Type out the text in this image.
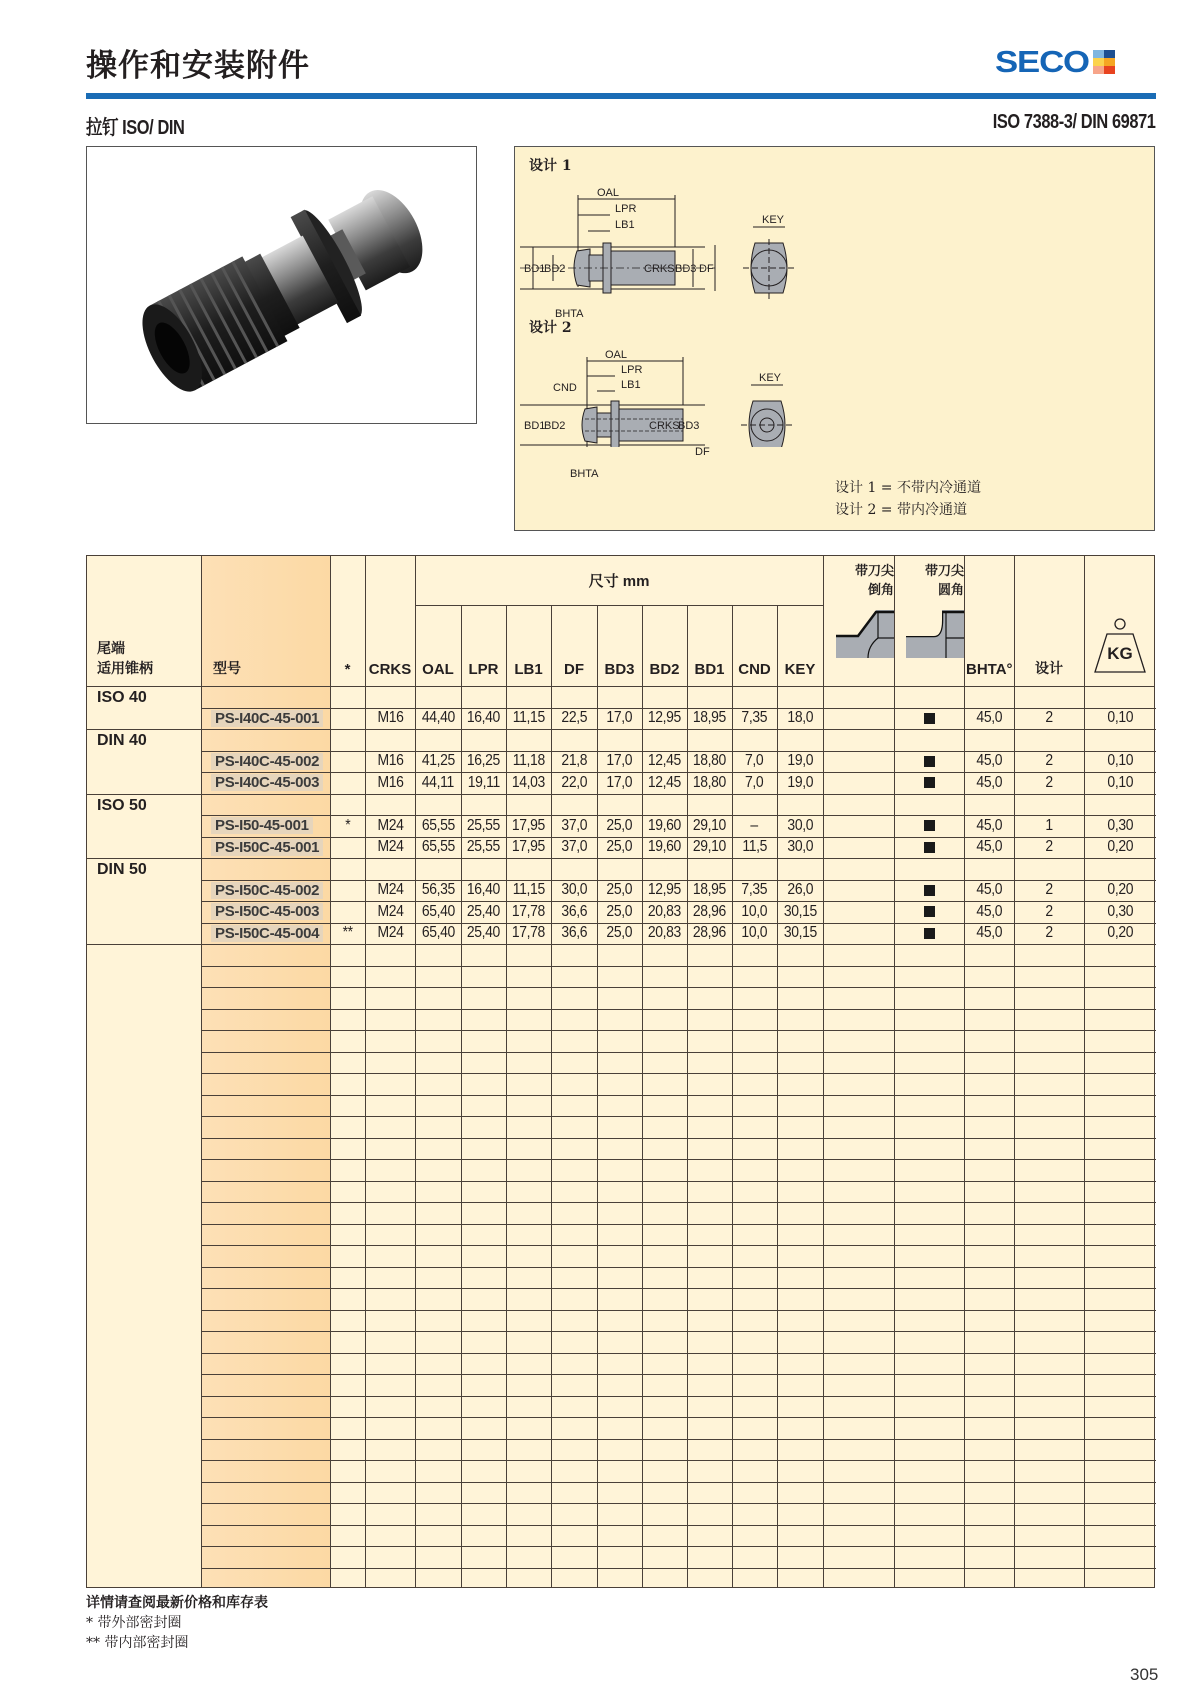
操作和安装附件	SECO
拉钉 ISO/ DIN	ISO 7388-3/ DIN 69871
设计 1
设计 2
OAL
LPR
LB1
BD1
BD2	CRKS BD3 DF
BHTA
KEY
OAL
LPR
LB1
CND
BD1
BD2	CRKS
BD3
KEY
DF
BHTA
设计 1 = 不带内冷通道
设计 2 = 带内冷通道
尾端
适用锥柄	型号	*	CRKS OAL LPR	LB1	DF	BD3 BD2 BD1 CND KEY
尺寸 mm
带刀尖
倒角
带刀尖
圆角
BHTA°	设计
KG
ISO 40
PS-I40C-45-001	M16 44,40 16,40 11,15 22,5 17,0 12,95 18,95 7,35 18,0	45,0	2	0,10
DIN 40
PS-I40C-45-002	M16 41,25 16,25 11,18 21,8 17,0 12,45 18,80 7,0 19,0	45,0	2	0,10
PS-I40C-45-003	M16 44,11 19,11 14,03 22,0 17,0 12,45 18,80 7,0 19,0	45,0	2	0,10
ISO 50
PS-I50-45-001 * M24 65,55 25,55 17,95 37,0 25,0 19,60 29,10 – 30,0	45,0	1	0,30
PS-I50C-45-001	M24 65,55 25,55 17,95 37,0 25,0 19,60 29,10 11,5 30,0	45,0	2	0,20
DIN 50
PS-I50C-45-002	M24 56,35 16,40 11,15 30,0 25,0 12,95 18,95 7,35 26,0	45,0	2	0,20
PS-I50C-45-003	M24 65,40 25,40 17,78 36,6 25,0 20,83 28,96 10,0 30,15	45,0	2	0,30
PS-I50C-45-004 ** M24 65,40 25,40 17,78 36,6 25,0 20,83 28,96 10,0 30,15	45,0	2	0,20
详情请查阅最新价格和库存表
* 带外部密封圈
** 带内部密封圈
305
